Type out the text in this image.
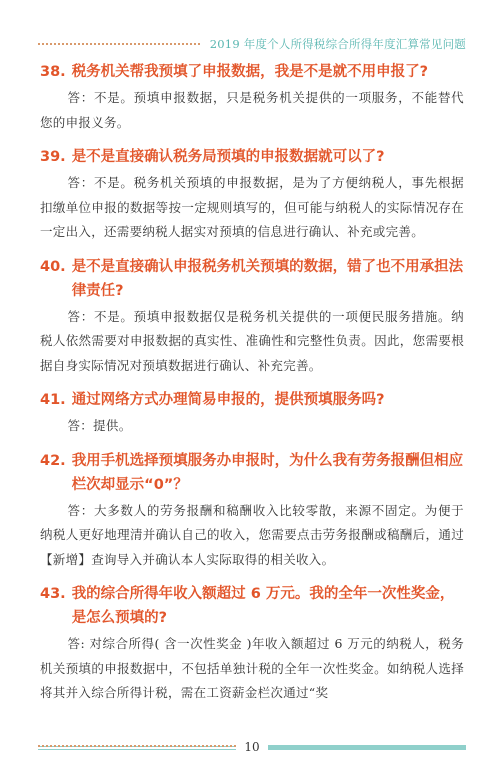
2019 年度个人所得税综合所得年度汇算常见问题
38. 税务机关帮我预填了申报数据，我是不是就不用申报了?
答：不是。预填申报数据，只是税务机关提供的一项服务，不能替代您的申报义务。
39. 是不是直接确认税务局预填的申报数据就可以了?
答：不是。税务机关预填的申报数据，是为了方便纳税人，事先根据扣缴单位申报的数据等按一定规则填写的，但可能与纳税人的实际情况存在一定出入，还需要纳税人据实对预填的信息进行确认、补充或完善。
40. 是不是直接确认申报税务机关预填的数据，错了也不用承担法律责任?
答：不是。预填申报数据仅是税务机关提供的一项便民服务措施。纳税人依然需要对申报数据的真实性、准确性和完整性负责。因此，您需要根据自身实际情况对预填数据进行确认、补充完善。
41. 通过网络方式办理简易申报的，提供预填服务吗?
答：提供。
42. 我用手机选择预填服务办申报时，为什么我有劳务报酬但相应栏次却显示“0”？
答：大多数人的劳务报酬和稿酬收入比较零散，来源不固定。为便于纳税人更好地理清并确认自己的收入，您需要点击劳务报酬或稿酬后，通过【新增】查询导入并确认本人实际取得的相关收入。
43. 我的综合所得年收入额超过 6 万元。我的全年一次性奖金，是怎么预填的?
答: 对综合所得( 含一次性奖金 )年收入额超过 6 万元的纳税人，税务机关预填的申报数据中，不包括单独计税的全年一次性奖金。如纳税人选择将其并入综合所得计税，需在工资薪金栏次通过“奖
10
